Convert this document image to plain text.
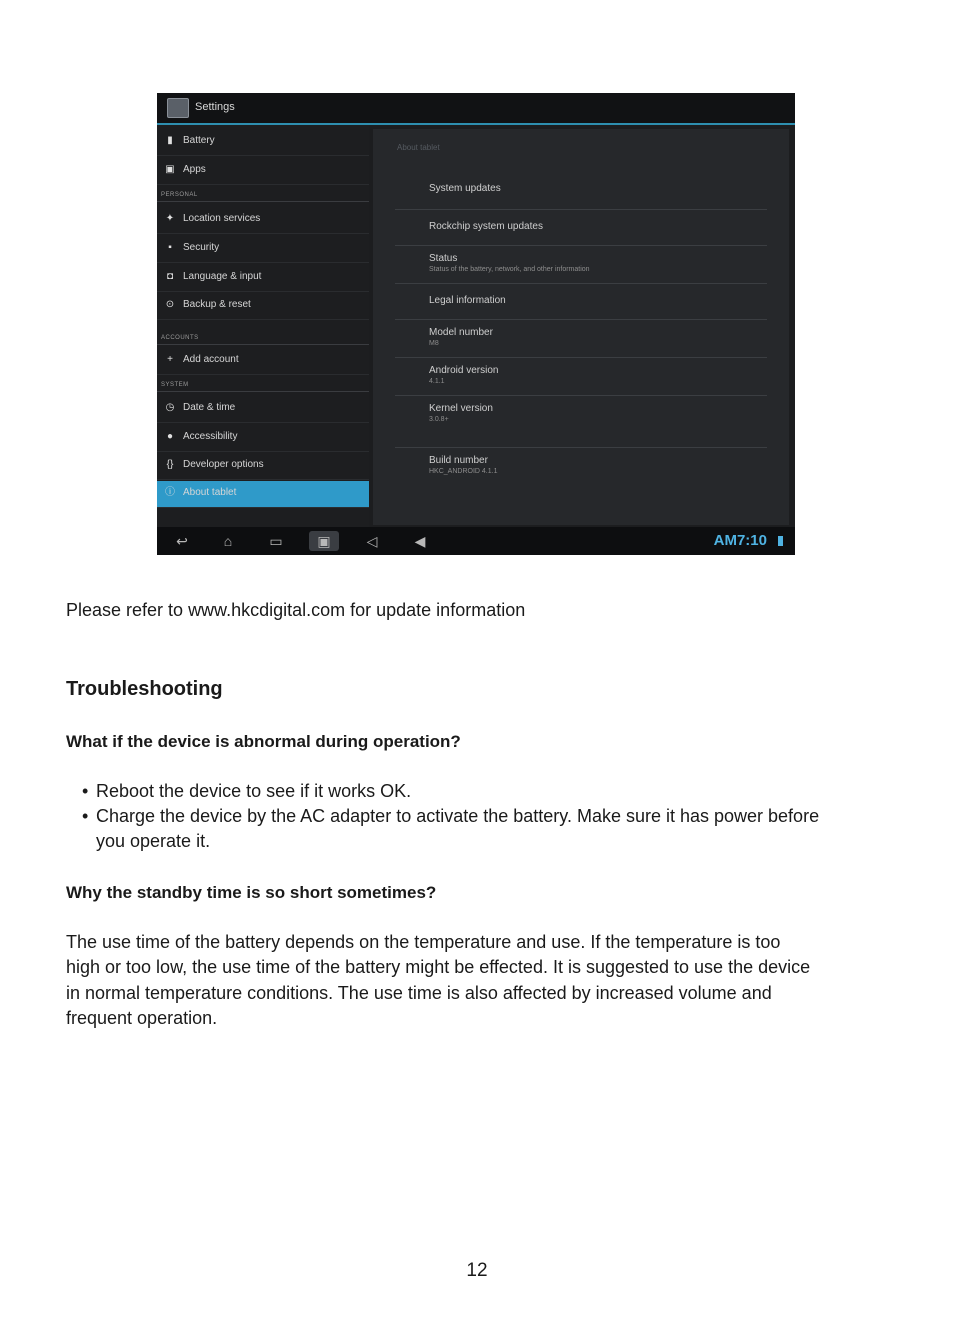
Settings
▮ Battery
▣ Apps
PERSONAL
✦ Location services
▪	Security
◘ Language & input
⊙ Backup & reset
ACCOUNTS
+ Add account
SYSTEM
◷ Date & time
● Accessibility
{} Developer options
ⓘ About tablet
About tablet
System updates
Rockchip system updates
Status
Status of the battery, network, and other information
Legal information
Model number
M8
Android version
4.1.1
Kernel version
3.0.8+
Build number
HKC_ANDROID 4.1.1
↩	⌂	▭	▣	◁	◀	AM7:10
Please refer to www.hkcdigital.com for update information
Troubleshooting
What if the device is abnormal during operation?
• Reboot the device to see if it works OK.
• Charge the device by the AC adapter to activate the battery. Make sure it has power before
you operate it.
Why the standby time is so short sometimes?
The use time of the battery depends on the temperature and use. If the temperature is too
high or too low, the use time of the battery might be effected. It is suggested to use the device
in normal temperature conditions. The use time is also affected by increased volume and
frequent operation.
12
